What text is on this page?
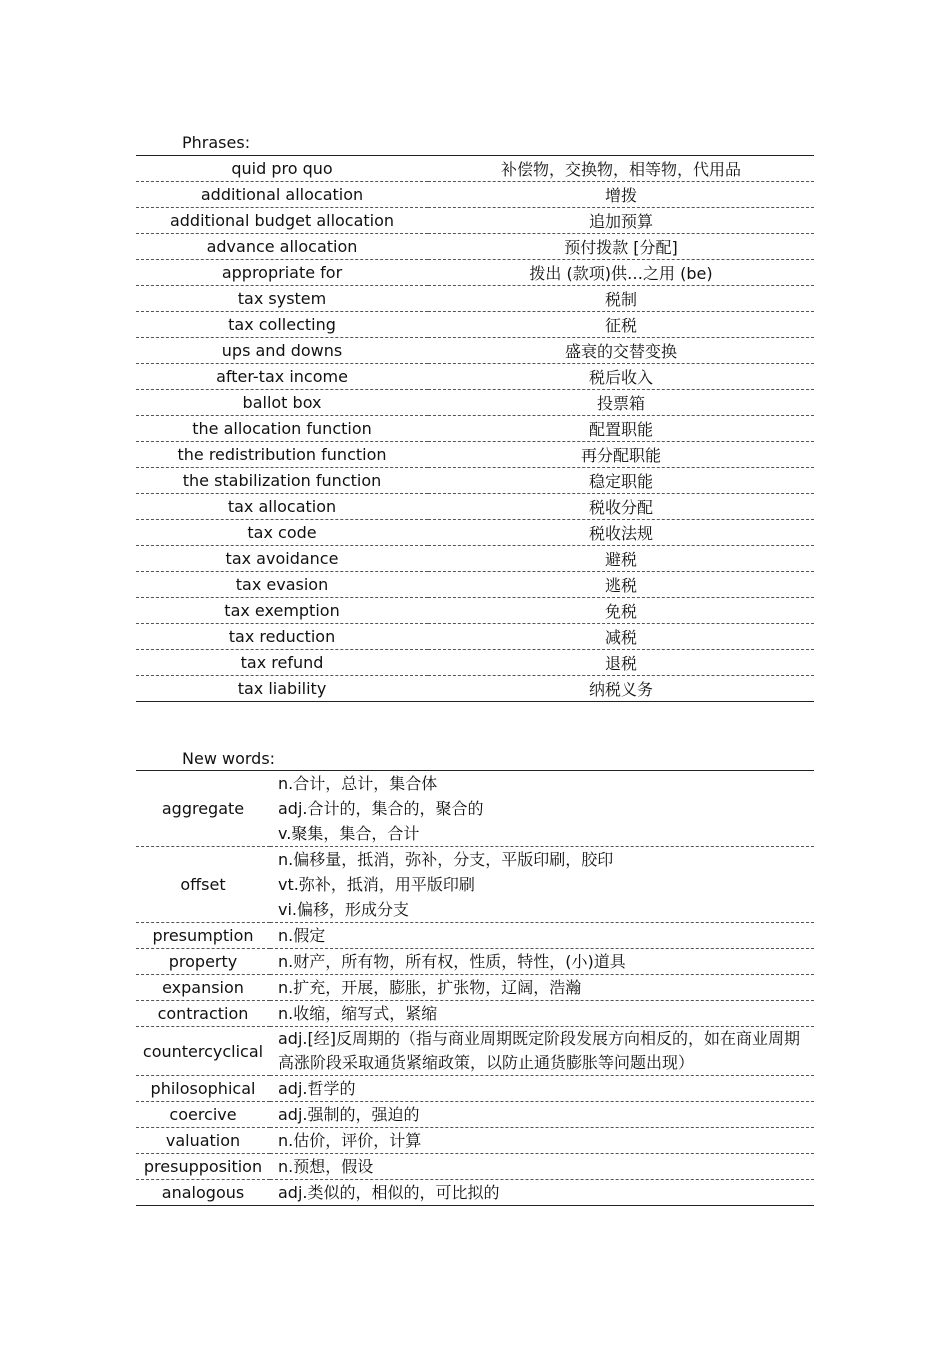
Phrases:
quid pro quo	补偿物，交换物，相等物，代用品
additional allocation	增拨
additional budget allocation	追加预算
advance allocation	预付拨款 [分配]
appropriate for	拨出 (款项)供…之用 (be)
tax system	税制
tax collecting	征税
ups and downs	盛衰的交替变换
after-tax income	税后收入
ballot box	投票箱
the allocation function	配置职能
the redistribution function	再分配职能
the stabilization function	稳定职能
tax allocation	税收分配
tax code	税收法规
tax avoidance	避税
tax evasion	逃税
tax exemption	免税
tax reduction	减税
tax refund	退税
tax liability	纳税义务
New words:
aggregate	n.合计，总计，集合体
adj.合计的，集合的，聚合的
v.聚集，集合，合计

offset	n.偏移量，抵消，弥补，分支，平版印刷，胶印
vt.弥补，抵消，用平版印刷
vi.偏移，形成分支

presumption	n.假定

property	n.财产，所有物，所有权，性质，特性，(小)道具

expansion	n.扩充，开展，膨胀，扩张物，辽阔，浩瀚

contraction	n.收缩，缩写式，紧缩

countercyclical	adj.[经]反周期的（指与商业周期既定阶段发展方向相反的，如在商业周期高涨阶段采取通货紧缩政策，以防止通货膨胀等问题出现）

philosophical	adj.哲学的

coercive	adj.强制的，强迫的

valuation	n.估价，评价，计算

presupposition	n.预想，假设

analogous	adj.类似的，相似的，可比拟的
